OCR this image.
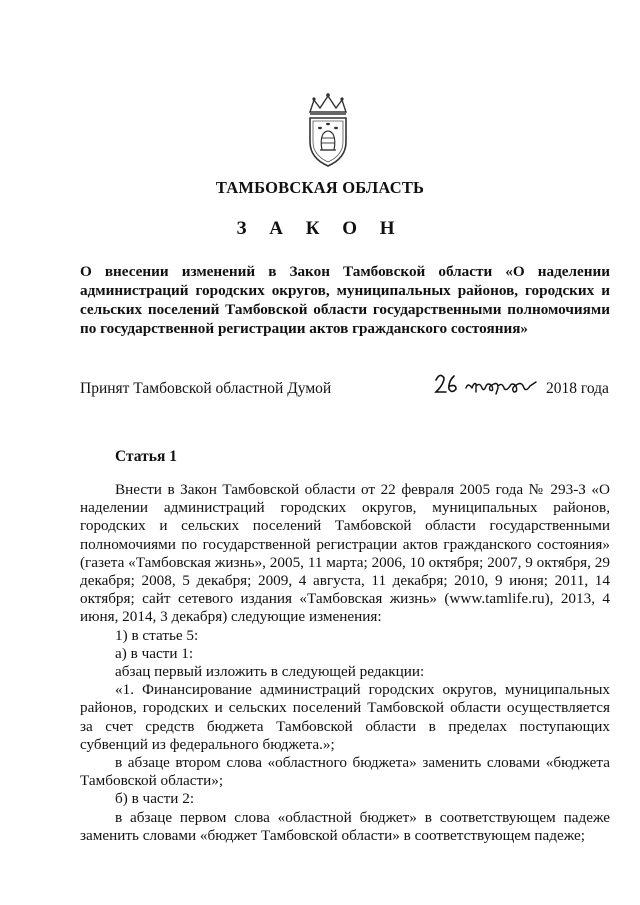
ТАМБОВСКАЯ ОБЛАСТЬ
З А К О Н
О внесении изменений в Закон Тамбовской области «О наделении администраций городских округов, муниципальных районов, городских и сельских поселений Тамбовской области государственными полномочиями по государственной регистрации актов гражданского состояния»
Принят Тамбовской областной Думой	2018 года
Статья 1

Внести в Закон Тамбовской области от 22 февраля 2005 года № 293-З «О наделении администраций городских округов, муниципальных районов, городских и сельских поселений Тамбовской области государственными полномочиями по государственной регистрации актов гражданского состояния» (газета «Тамбовская жизнь», 2005, 11 марта; 2006, 10 октября; 2007, 9 октября, 29 декабря; 2008, 5 декабря; 2009, 4 августа, 11 декабря; 2010, 9 июня; 2011, 14 октября; сайт сетевого издания «Тамбовская жизнь» (www.tamlife.ru), 2013, 4 июня, 2014, 3 декабря) следующие изменения:

1) в статье 5:

а) в части 1:

абзац первый изложить в следующей редакции:

«1. Финансирование администраций городских округов, муниципальных районов, городских и сельских поселений Тамбовской области осуществляется за счет средств бюджета Тамбовской области в пределах поступающих субвенций из федерального бюджета.»;

в абзаце втором слова «областного бюджета» заменить словами «бюджета Тамбовской области»;

б) в части 2:

в абзаце первом слова «областной бюджет» в соответствующем падеже заменить словами «бюджет Тамбовской области» в соответствующем падеже;
